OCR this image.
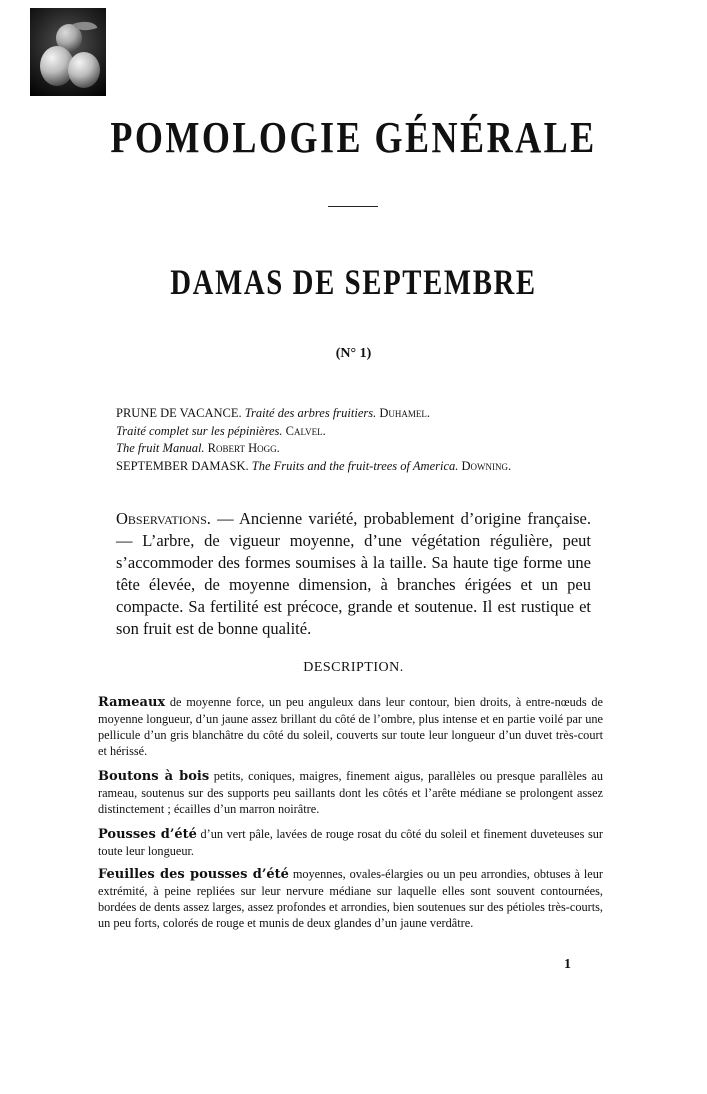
POMOLOGIE GÉNÉRALE
DAMAS DE SEPTEMBRE
(N° 1)
PRUNE DE VACANCE. Traité des arbres fruitiers. Duhamel.
Traité complet sur les pépinières. Calvel.
The fruit Manual. Robert Hogg.
SEPTEMBER DAMASK. The Fruits and the fruit-trees of America. Downing.
Observations. — Ancienne variété, probablement d’origine française. — L’arbre, de vigueur moyenne, d’une végétation régulière, peut s’accommoder des formes soumises à la taille. Sa haute tige forme une tête élevée, de moyenne dimension, à branches érigées et un peu compacte. Sa fertilité est précoce, grande et soutenue. Il est rustique et son fruit est de bonne qualité.
DESCRIPTION.
Rameaux de moyenne force, un peu anguleux dans leur contour, bien droits, à entre-nœuds de moyenne longueur, d’un jaune assez brillant du côté de l’ombre, plus intense et en partie voilé par une pellicule d’un gris blanchâtre du côté du soleil, couverts sur toute leur longueur d’un duvet très-court et hérissé.
Boutons à bois petits, coniques, maigres, finement aigus, parallèles ou presque parallèles au rameau, soutenus sur des supports peu saillants dont les côtés et l’arête médiane se prolongent assez distinctement ; écailles d’un marron noirâtre.
Pousses d’été d’un vert pâle, lavées de rouge rosat du côté du soleil et finement duveteuses sur toute leur longueur.
Feuilles des pousses d’été moyennes, ovales-élargies ou un peu arrondies, obtuses à leur extrémité, à peine repliées sur leur nervure médiane sur laquelle elles sont souvent contournées, bordées de dents assez larges, assez profondes et arrondies, bien soutenues sur des pétioles très-courts, un peu forts, colorés de rouge et munis de deux glandes d’un jaune verdâtre.
1
